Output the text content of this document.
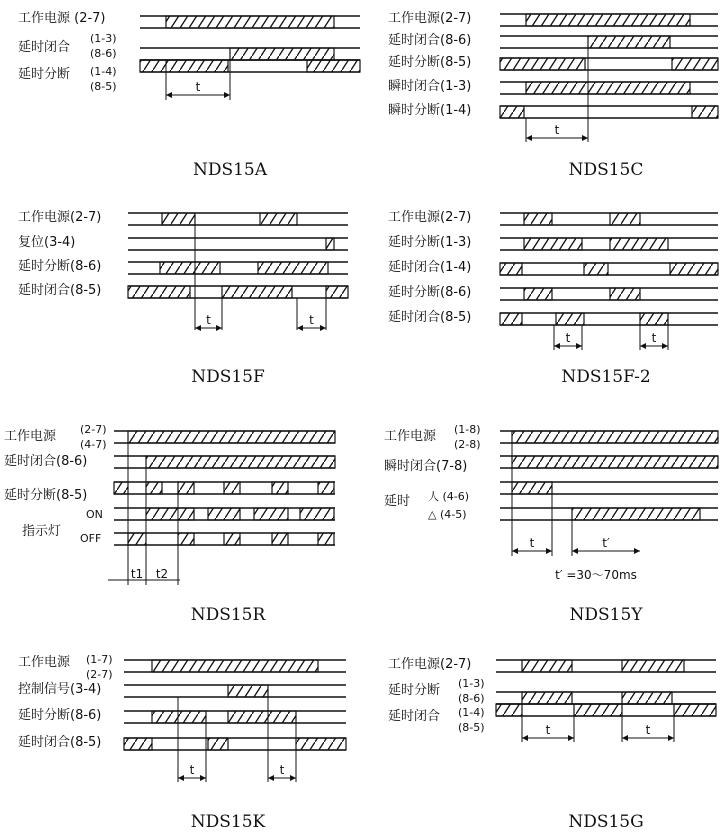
工作电源 (2-7)
延时闭合
(1-3)
(8-6)
延时分断 (1-4)
(8-5)	t
NDS15A
工作电源(2-7)
延时闭合(8-6)
延时分断(8-5)
瞬时闭合(1-3)
瞬时分断(1-4)
t
NDS15C
工作电源(2-7)
复位(3-4)
延时分断(8-6)
延时闭合(8-5)
t	t
NDS15F
工作电源(2-7)
延时分断(1-3)
延时闭合(1-4)
延时分断(8-6)
延时闭合(8-5)
t	t
NDS15F-2
工作电源 (2-7)
(4-7)
延时闭合(8-6)
延时分断(8-5)
指示灯
ON
OFF
t1 t2
NDS15R
工作电源 (1-8)
(2-8)
瞬时闭合(7-8)
延时 人 (4-6)
△ (4-5)
t	t′
t′ =30～70ms
NDS15Y
工作电源
控制信号(3-4)
延时分断(8-6)
延时闭合(8-5)
(1-7)
(2-7)
t	t
NDS15K
工作电源(2-7)
延时分断 (1-3)
(8-6)
延时闭合 (1-4)
(8-5)	t	t
NDS15G
